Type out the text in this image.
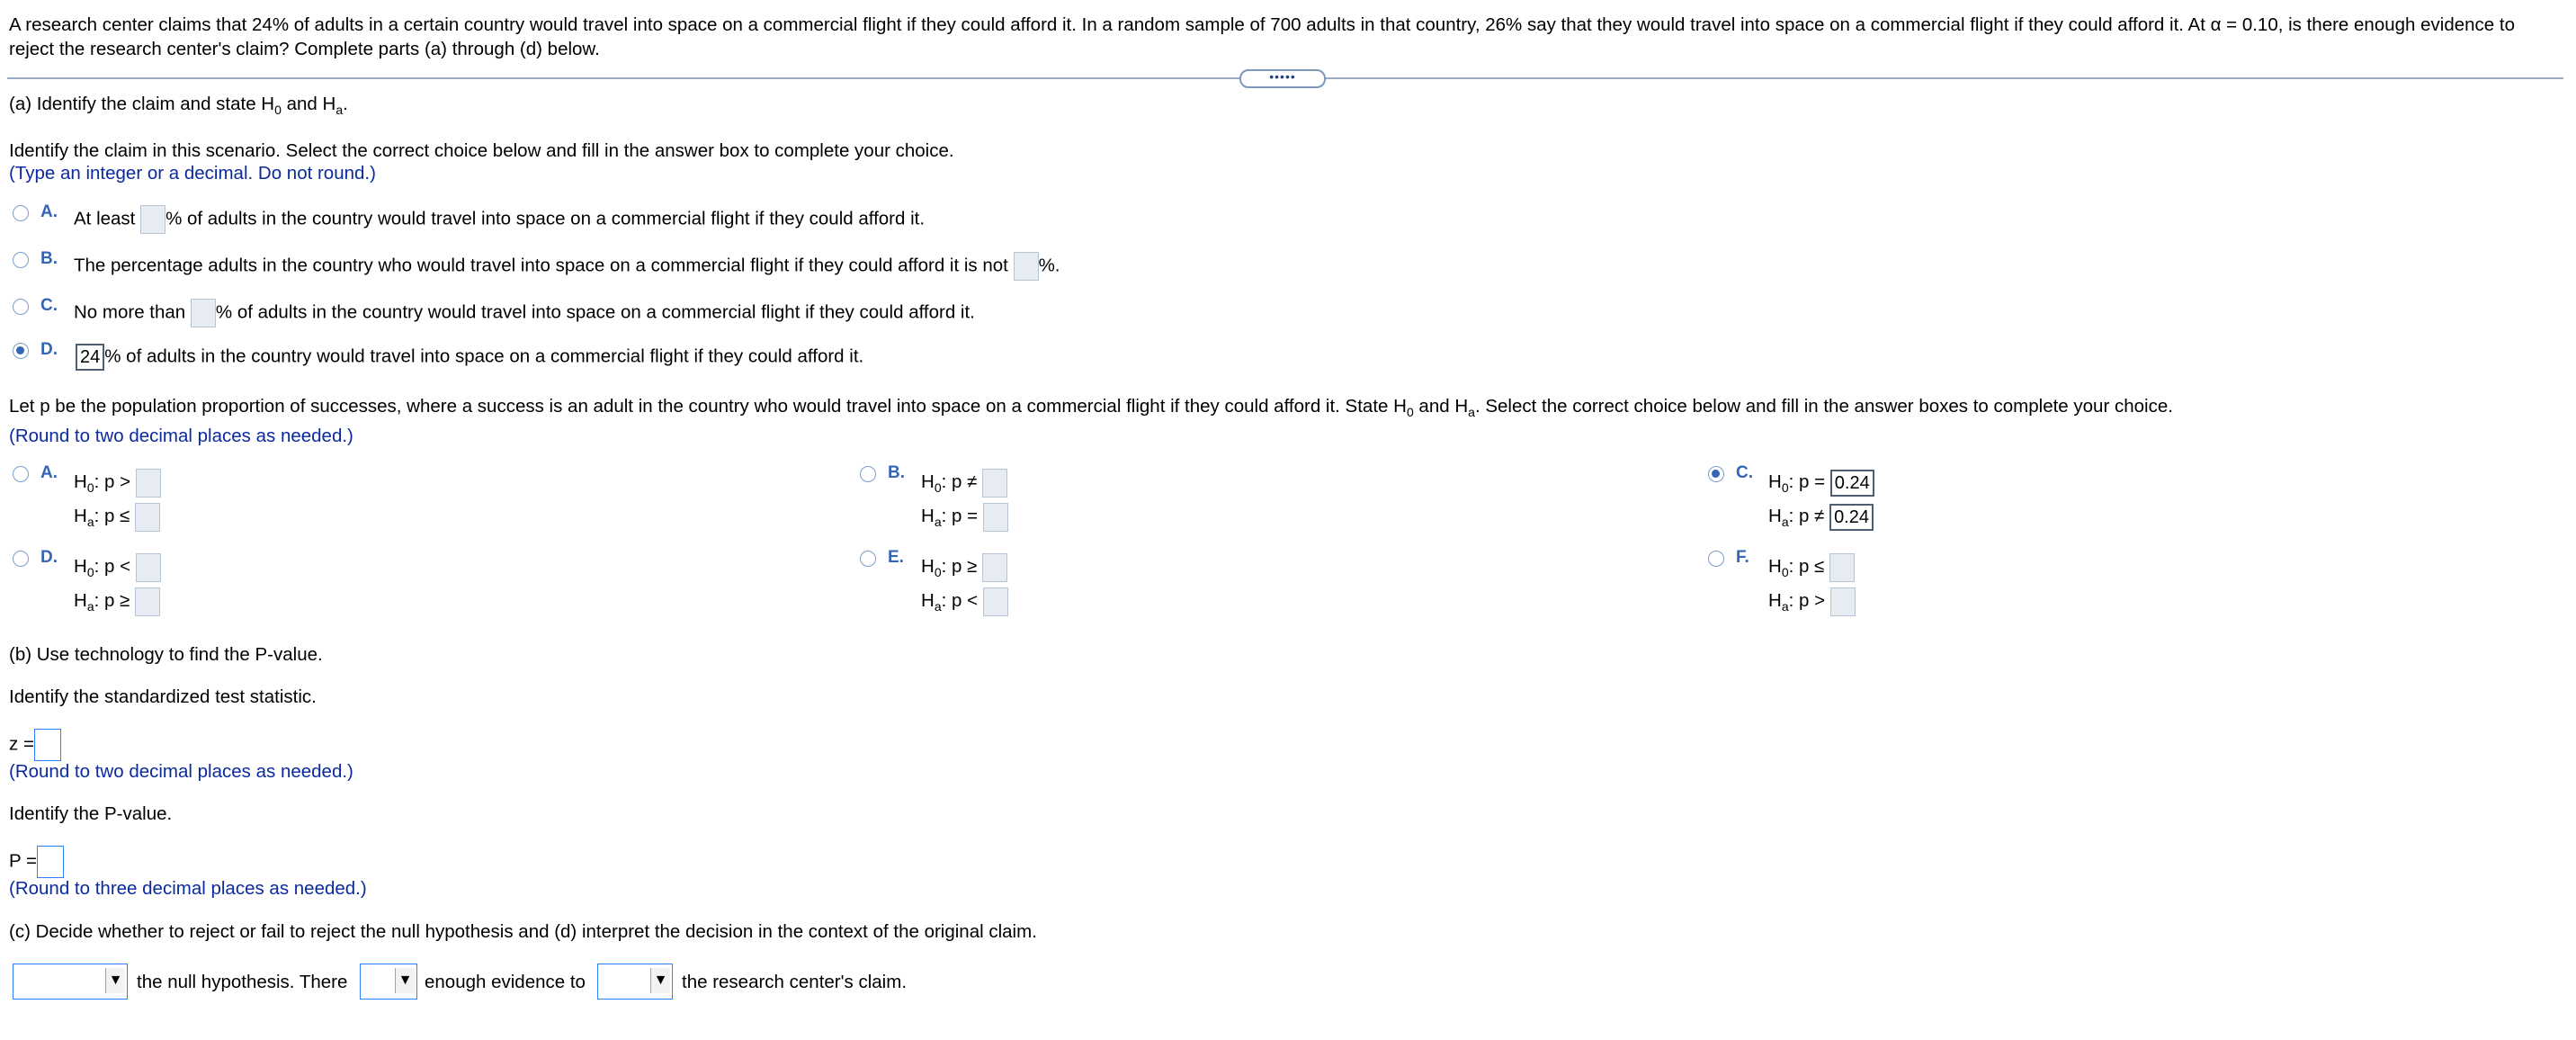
A research center claims that 24% of adults in a certain country would travel into space on a commercial flight if they could afford it. In a random sample of 700 adults in that country, 26% say that they would travel into space on a commercial flight if they could afford it. At α = 0.10, is there enough evidence to reject the research center's claim? Complete parts (a) through (d) below.
•••••
(a) Identify the claim and state $H_0$ and $H_a$.
Identify the claim in this scenario. Select the correct choice below and fill in the answer box to complete your choice.
(Type an integer or a decimal. Do not round.)
A. At least % of adults in the country would travel into space on a commercial flight if they could afford it.
B. The percentage adults in the country who would travel into space on a commercial flight if they could afford it is not %.
C. No more than % of adults in the country would travel into space on a commercial flight if they could afford it.
D. 24 % of adults in the country would travel into space on a commercial flight if they could afford it.
Let p be the population proportion of successes, where a success is an adult in the country who would travel into space on a commercial flight if they could afford it. State $H_0$ and $H_a$. Select the correct choice below and fill in the answer boxes to complete your choice.
(Round to two decimal places as needed.)
A. $H_0$: p >
$H_a$: p ≤
B. $H_0$: p ≠
$H_a$: p =
C. $H_0$: p = 0.24
$H_a$: p ≠ 0.24
D. $H_0$: p <
$H_a$: p ≥
E. $H_0$: p ≥
$H_a$: p <
F. $H_0$: p ≤
$H_a$: p >
(b) Use technology to find the P-value.
Identify the standardized test statistic.
z =
(Round to two decimal places as needed.)
Identify the P-value.
P =
(Round to three decimal places as needed.)
(c) Decide whether to reject or fail to reject the null hypothesis and (d) interpret the decision in the context of the original claim.
▼ the null hypothesis. There	▼ enough evidence to	▼ the research center's claim.
